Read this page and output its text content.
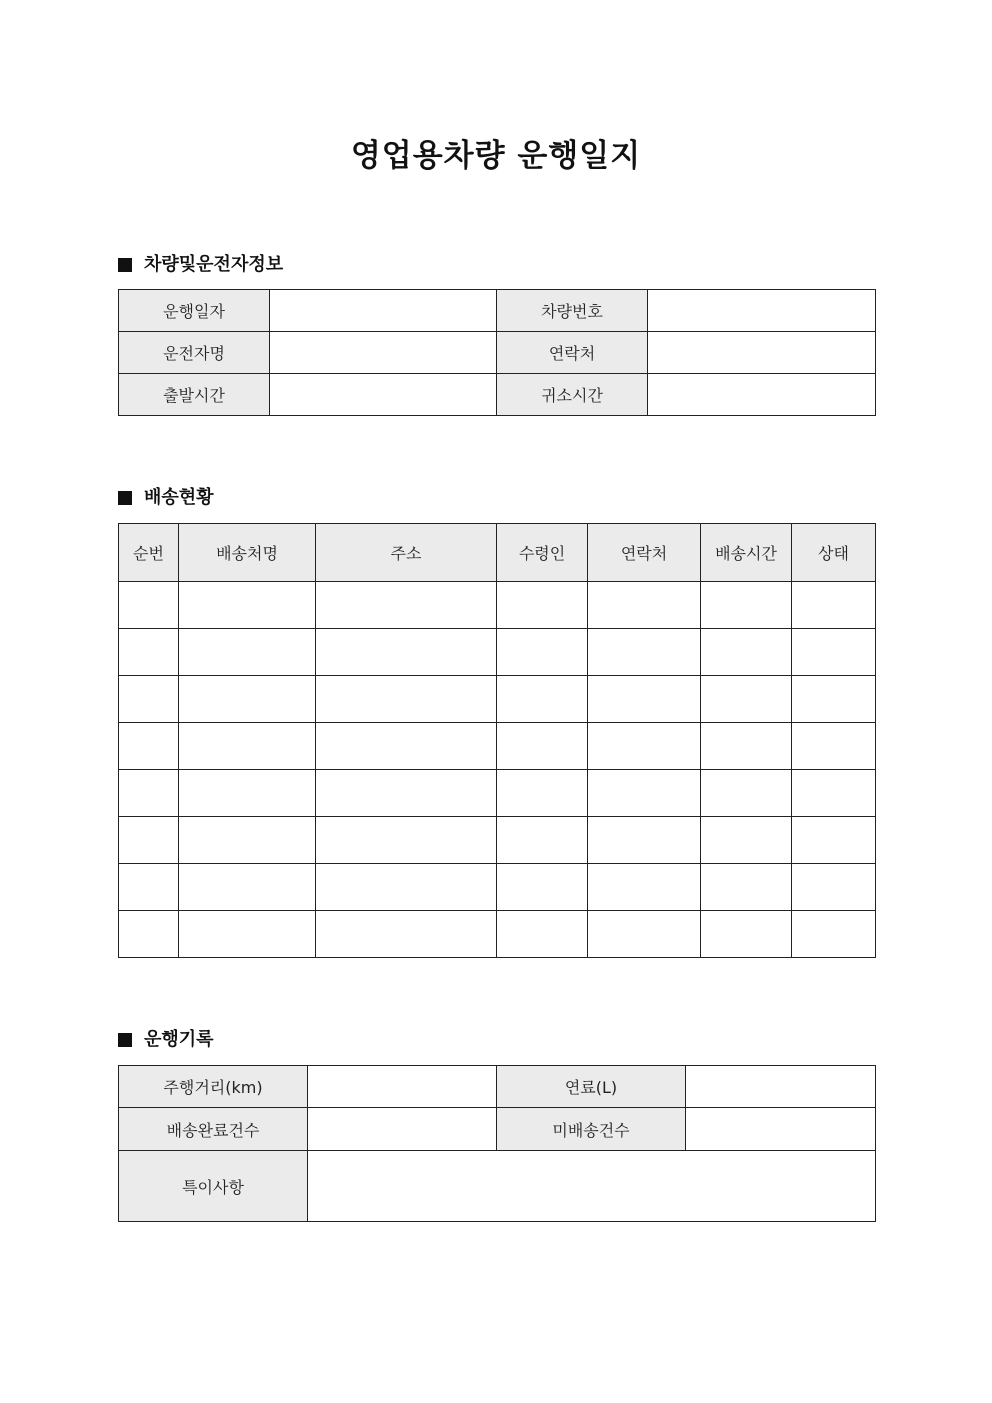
영업용차량 운행일지
차량및운전자정보
운행일자		차량번호	
운전자명		연락처	
출발시간		귀소시간	
배송현황
순번	배송처명	주소	수령인	연락처	배송시간	상태

운행기록
주행거리(km)		연료(L)	
배송완료건수		미배송건수	
특이사항			
